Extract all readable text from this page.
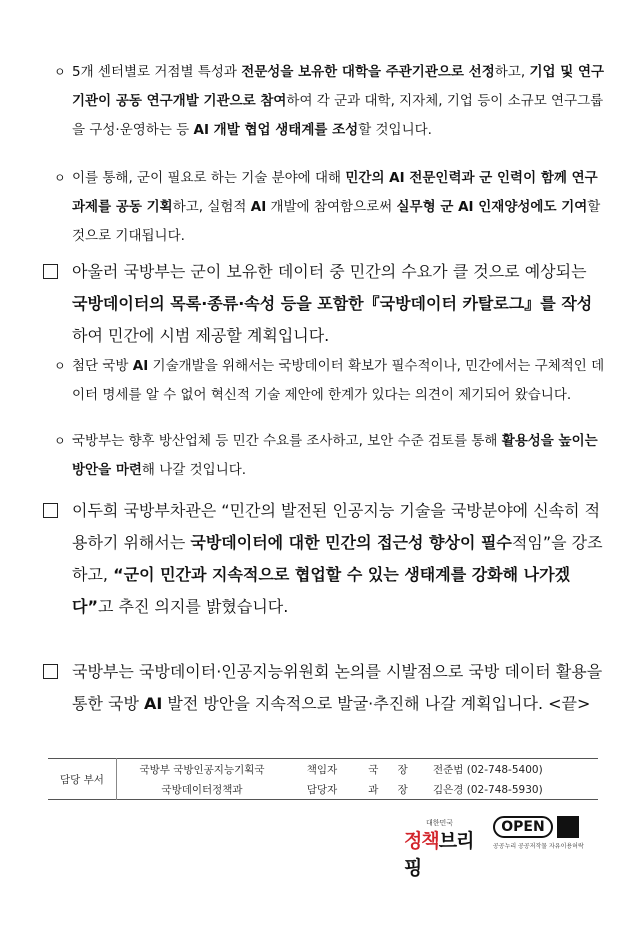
ㅇ 5개 센터별로 거점별 특성과 전문성을 보유한 대학을 주관기관으로 선정하고, 기업 및 연구기관이 공동 연구개발 기관으로 참여하여 각 군과 대학, 지자체, 기업 등이 소규모 연구그룹을 구성·운영하는 등 AI 개발 협업 생태계를 조성할 것입니다.
ㅇ 이를 통해, 군이 필요로 하는 기술 분야에 대해 민간의 AI 전문인력과 군 인력이 함께 연구과제를 공동 기획하고, 실험적 AI 개발에 참여함으로써 실무형 군 AI 인재양성에도 기여할 것으로 기대됩니다.
아울러 국방부는 군이 보유한 데이터 중 민간의 수요가 클 것으로 예상되는 국방데이터의 목록·종류·속성 등을 포함한『국방데이터 카탈로그』를 작성하여 민간에 시범 제공할 계획입니다.
ㅇ 첨단 국방 AI 기술개발을 위해서는 국방데이터 확보가 필수적이나, 민간에서는 구체적인 데이터 명세를 알 수 없어 혁신적 기술 제안에 한계가 있다는 의견이 제기되어 왔습니다.
ㅇ 국방부는 향후 방산업체 등 민간 수요를 조사하고, 보안 수준 검토를 통해 활용성을 높이는 방안을 마련해 나갈 것입니다.
이두희 국방부차관은 “민간의 발전된 인공지능 기술을 국방분야에 신속히 적용하기 위해서는 국방데이터에 대한 민간의 접근성 향상이 필수적임”을 강조하고, “군이 민간과 지속적으로 협업할 수 있는 생태계를 강화해 나가겠다”고 추진 의지를 밝혔습니다.
국방부는 국방데이터·인공지능위원회 논의를 시발점으로 국방 데이터 활용을 통한 국방 AI 발전 방안을 지속적으로 발굴·추진해 나갈 계획입니다. <끝>
담당 부서	국방부 국방인공지능기획국	책임자	국 장	전준범 (02-748-5400)
	국방데이터정책과	담당자	과 장	김은경 (02-748-5930)
대한민국
정책브리핑
OPEN
공공누리 공공저작물 자유이용허락
